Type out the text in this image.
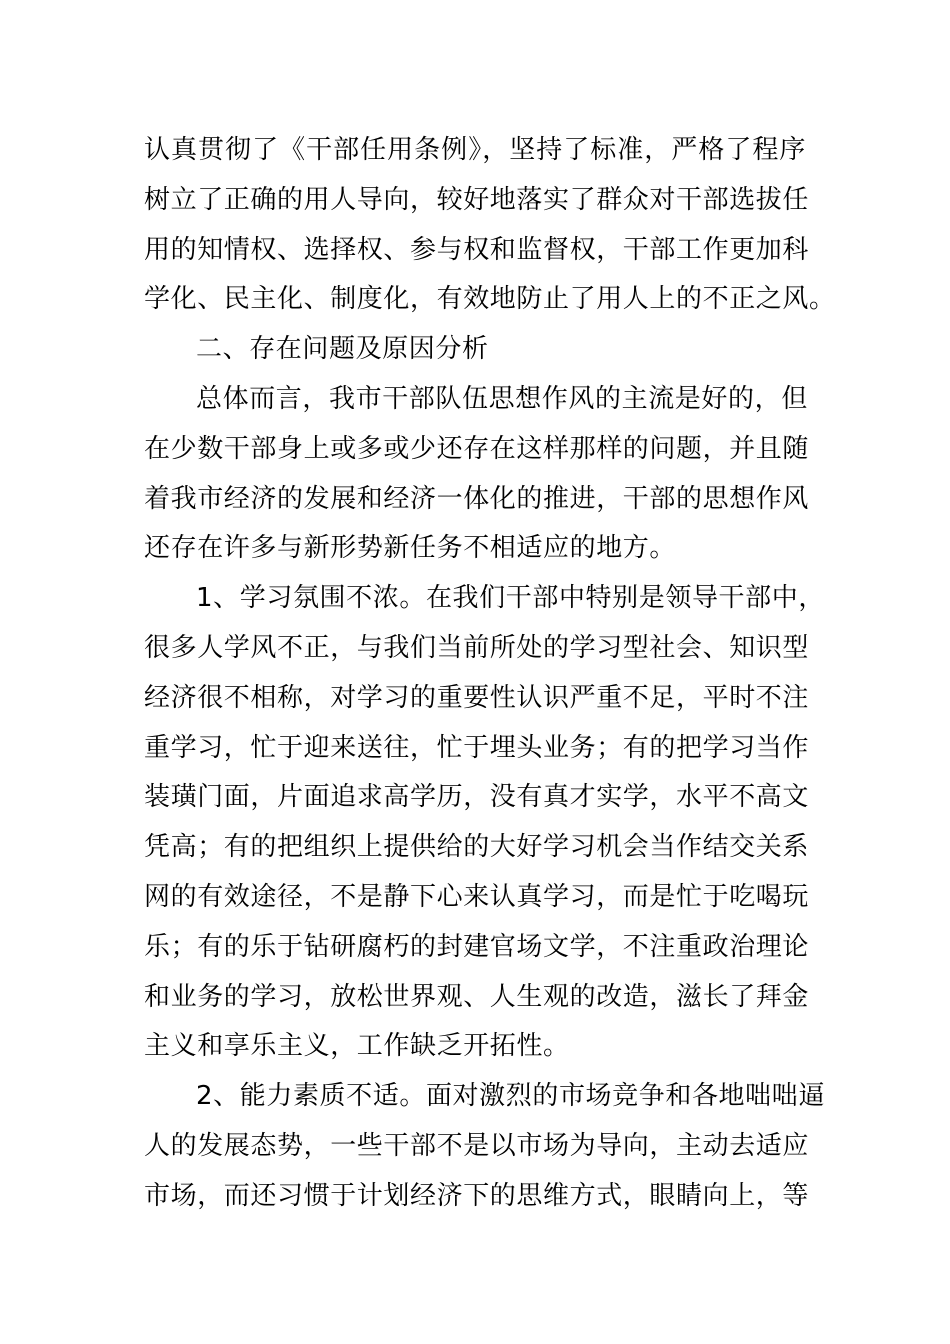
认真贯彻了《干部任用条例》，坚持了标准，严格了程序
树立了正确的用人导向，较好地落实了群众对干部选拔任
用的知情权、选择权、参与权和监督权，干部工作更加科
学化、民主化、制度化，有效地防止了用人上的不正之风。
二、存在问题及原因分析
总体而言，我市干部队伍思想作风的主流是好的，但
在少数干部身上或多或少还存在这样那样的问题，并且随
着我市经济的发展和经济一体化的推进，干部的思想作风
还存在许多与新形势新任务不相适应的地方。
1、学习氛围不浓。在我们干部中特别是领导干部中，
很多人学风不正，与我们当前所处的学习型社会、知识型
经济很不相称，对学习的重要性认识严重不足，平时不注
重学习，忙于迎来送往，忙于埋头业务；有的把学习当作
装璜门面，片面追求高学历，没有真才实学，水平不高文
凭高；有的把组织上提供给的大好学习机会当作结交关系
网的有效途径，不是静下心来认真学习，而是忙于吃喝玩
乐；有的乐于钻研腐朽的封建官场文学，不注重政治理论
和业务的学习，放松世界观、人生观的改造，滋长了拜金
主义和享乐主义，工作缺乏开拓性。
2、能力素质不适。面对激烈的市场竞争和各地咄咄逼
人的发展态势，一些干部不是以市场为导向，主动去适应
市场，而还习惯于计划经济下的思维方式，眼睛向上，等
